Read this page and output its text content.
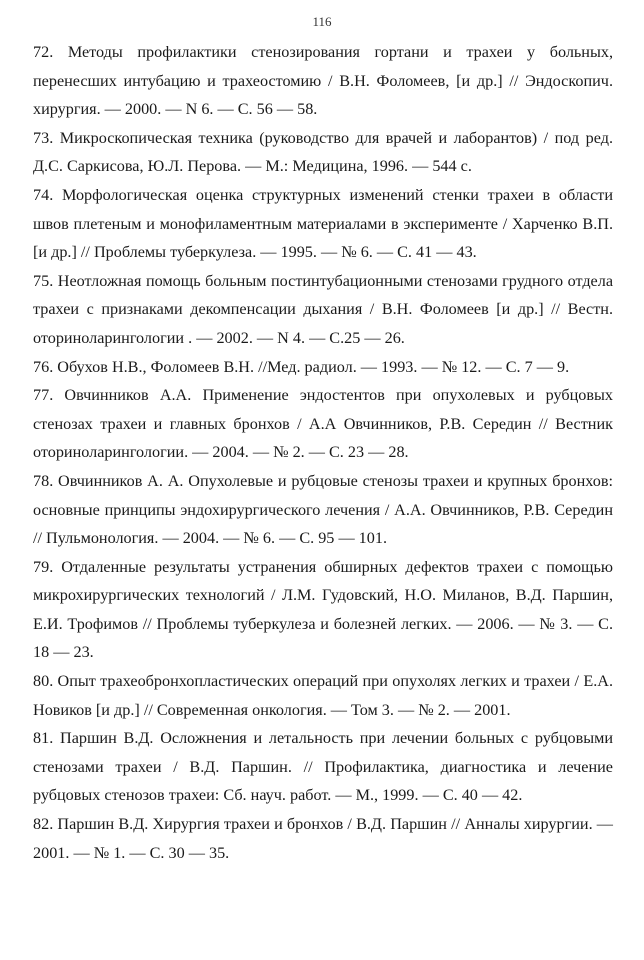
116

72. Методы профилактики стенозирования гортани и трахеи у больных, перенесших интубацию и трахеостомию / В.Н. Фоломеев, [и др.] // Эндоскопич. хирургия. — 2000. — N 6. — С. 56 — 58.

73. Микроскопическая техника (руководство для врачей и лаборантов) / под ред. Д.С. Саркисова, Ю.Л. Перова. — М.: Медицина, 1996. — 544 с.

74. Морфологическая оценка структурных изменений стенки трахеи в области швов плетеным и монофиламентным материалами в эксперименте / Харченко В.П. [и др.] // Проблемы туберкулеза. — 1995. — № 6. — С. 41 — 43.

75. Неотложная помощь больным постинтубационными стенозами грудного отдела трахеи с признаками декомпенсации дыхания / В.Н. Фоломеев [и др.] // Вестн. оториноларингологии . — 2002. — N 4. — С.25 — 26.

76. Обухов Н.В., Фоломеев В.Н. //Мед. радиол. — 1993. — № 12. — С. 7 — 9.

77. Овчинников А.А. Применение эндостентов при опухолевых и рубцовых стенозах трахеи и главных бронхов / А.А Овчинников, Р.В. Середин // Вестник оториноларингологии. — 2004. — № 2. — С. 23 — 28.

78. Овчинников А. А. Опухолевые и рубцовые стенозы трахеи и крупных бронхов: основные принципы эндохирургического лечения / А.А. Овчинников, Р.В. Середин // Пульмонология. — 2004. — № 6. — С. 95 — 101.

79. Отдаленные результаты устранения обширных дефектов трахеи с помощью микрохирургических технологий / Л.М. Гудовский, Н.О. Миланов, В.Д. Паршин, Е.И. Трофимов // Проблемы туберкулеза и болезней легких. — 2006. — № 3. — С. 18 — 23.

80. Опыт трахеобронхопластических операций при опухолях легких и трахеи / Е.А. Новиков [и др.] // Современная онкология. — Том 3. — № 2. — 2001.

81. Паршин В.Д. Осложнения и летальность при лечении больных с рубцовыми стенозами трахеи / В.Д. Паршин. // Профилактика, диагностика и лечение рубцовых стенозов трахеи: Сб. науч. работ. — М., 1999. — С. 40 — 42.

82. Паршин В.Д. Хирургия трахеи и бронхов / В.Д. Паршин // Анналы хирургии. — 2001. — № 1. — С. 30 — 35.
